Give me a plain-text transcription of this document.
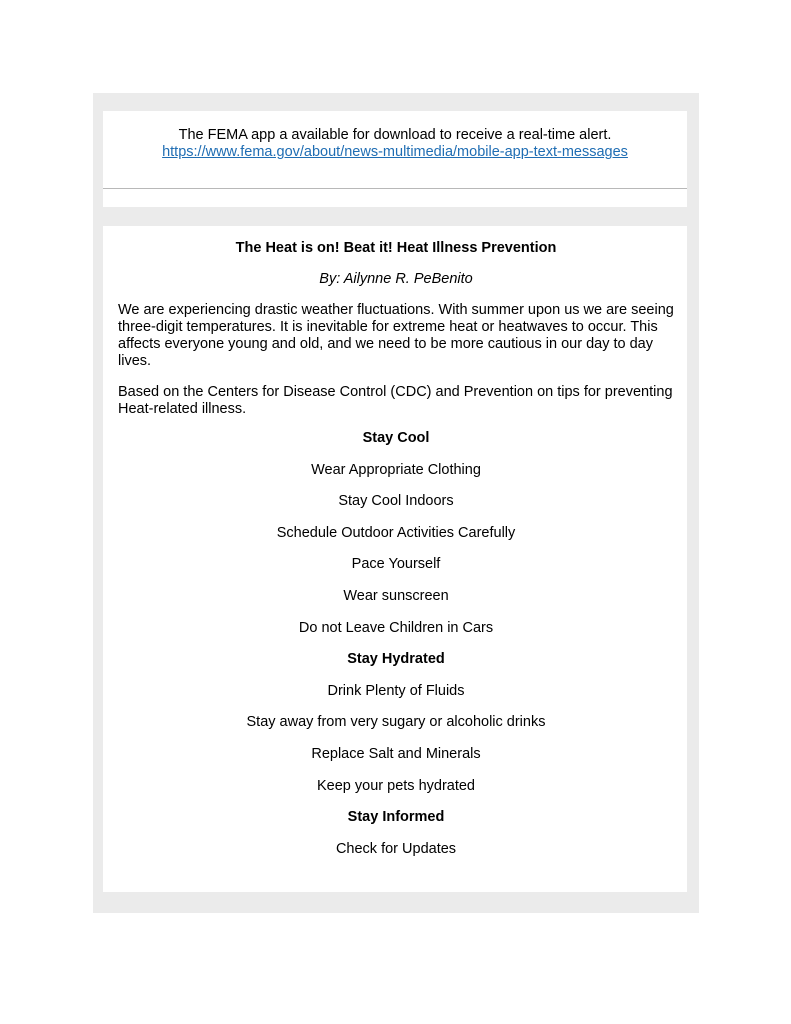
The FEMA app a available for download to receive a real-time alert.
https://www.fema.gov/about/news-multimedia/mobile-app-text-messages

The Heat is on! Beat it! Heat Illness Prevention

By: Ailynne R. PeBenito

We are experiencing drastic weather fluctuations. With summer upon us we are seeing three-digit temperatures. It is inevitable for extreme heat or heatwaves to occur. This affects everyone young and old, and we need to be more cautious in our day to day lives.

Based on the Centers for Disease Control (CDC) and Prevention on tips for preventing Heat-related illness.

Stay Cool
Wear Appropriate Clothing
Stay Cool Indoors
Schedule Outdoor Activities Carefully
Pace Yourself
Wear sunscreen
Do not Leave Children in Cars
Stay Hydrated
Drink Plenty of Fluids
Stay away from very sugary or alcoholic drinks
Replace Salt and Minerals
Keep your pets hydrated
Stay Informed
Check for Updates
